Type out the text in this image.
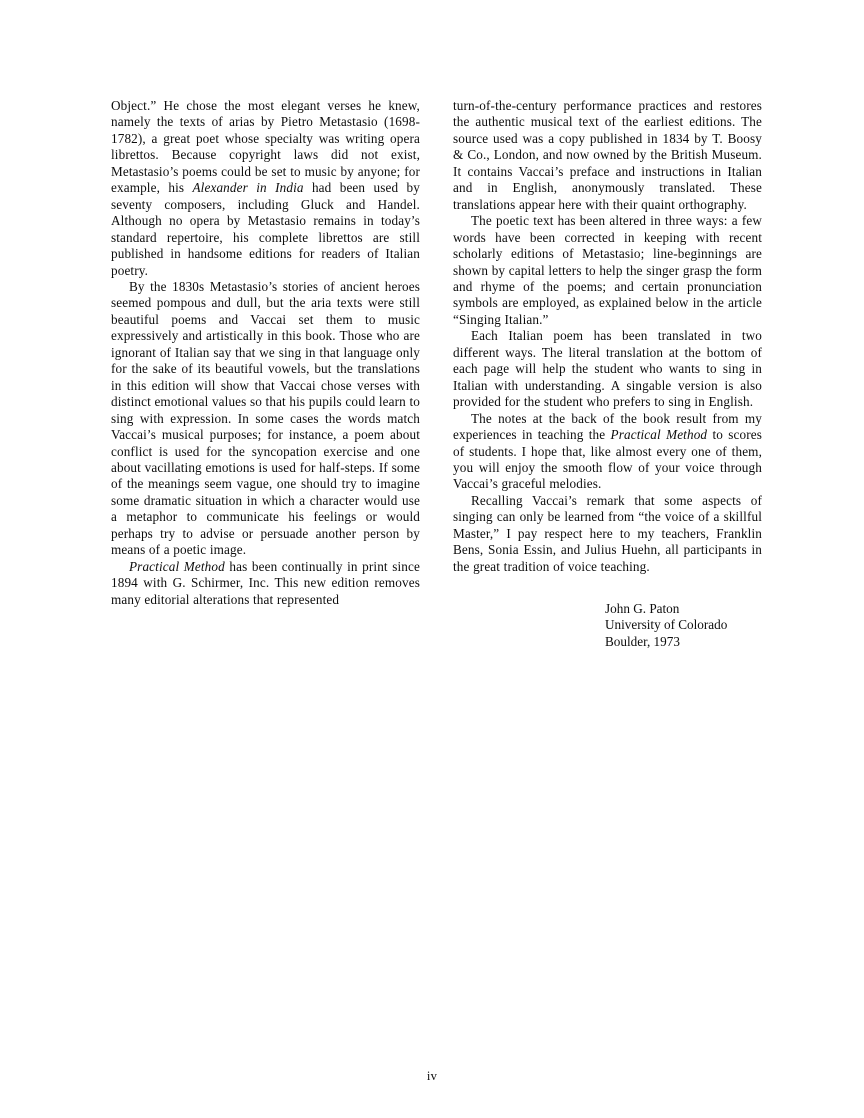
Object.” He chose the most elegant verses he knew, namely the texts of arias by Pietro Metastasio (1698-1782), a great poet whose specialty was writing opera librettos. Because copyright laws did not exist, Metastasio’s poems could be set to music by anyone; for example, his Alexander in India had been used by seventy composers, including Gluck and Handel. Although no opera by Metastasio remains in today’s standard repertoire, his complete librettos are still published in handsome editions for readers of Italian poetry.

By the 1830s Metastasio’s stories of ancient heroes seemed pompous and dull, but the aria texts were still beautiful poems and Vaccai set them to music expressively and artistically in this book. Those who are ignorant of Italian say that we sing in that language only for the sake of its beautiful vowels, but the translations in this edition will show that Vaccai chose verses with distinct emotional values so that his pupils could learn to sing with expression. In some cases the words match Vaccai’s musical purposes; for instance, a poem about conflict is used for the syncopation exercise and one about vacillating emotions is used for half-steps. If some of the meanings seem vague, one should try to imagine some dramatic situation in which a character would use a metaphor to communicate his feelings or would perhaps try to advise or persuade another person by means of a poetic image.

Practical Method has been continually in print since 1894 with G. Schirmer, Inc. This new edition removes many editorial alterations that represented

turn-of-the-century performance practices and restores the authentic musical text of the earliest editions. The source used was a copy published in 1834 by T. Boosy & Co., London, and now owned by the British Museum. It contains Vaccai’s preface and instructions in Italian and in English, anonymously translated. These translations appear here with their quaint orthography.

The poetic text has been altered in three ways: a few words have been corrected in keeping with recent scholarly editions of Metastasio; line-beginnings are shown by capital letters to help the singer grasp the form and rhyme of the poems; and certain pronunciation symbols are employed, as explained below in the article “Singing Italian.”

Each Italian poem has been translated in two different ways. The literal translation at the bottom of each page will help the student who wants to sing in Italian with understanding. A singable version is also provided for the student who prefers to sing in English.

The notes at the back of the book result from my experiences in teaching the Practical Method to scores of students. I hope that, like almost every one of them, you will enjoy the smooth flow of your voice through Vaccai’s graceful melodies.

Recalling Vaccai’s remark that some aspects of singing can only be learned from “the voice of a skillful Master,” I pay respect here to my teachers, Franklin Bens, Sonia Essin, and Julius Huehn, all participants in the great tradition of voice teaching.

John G. Paton
University of Colorado
Boulder, 1973
iv
